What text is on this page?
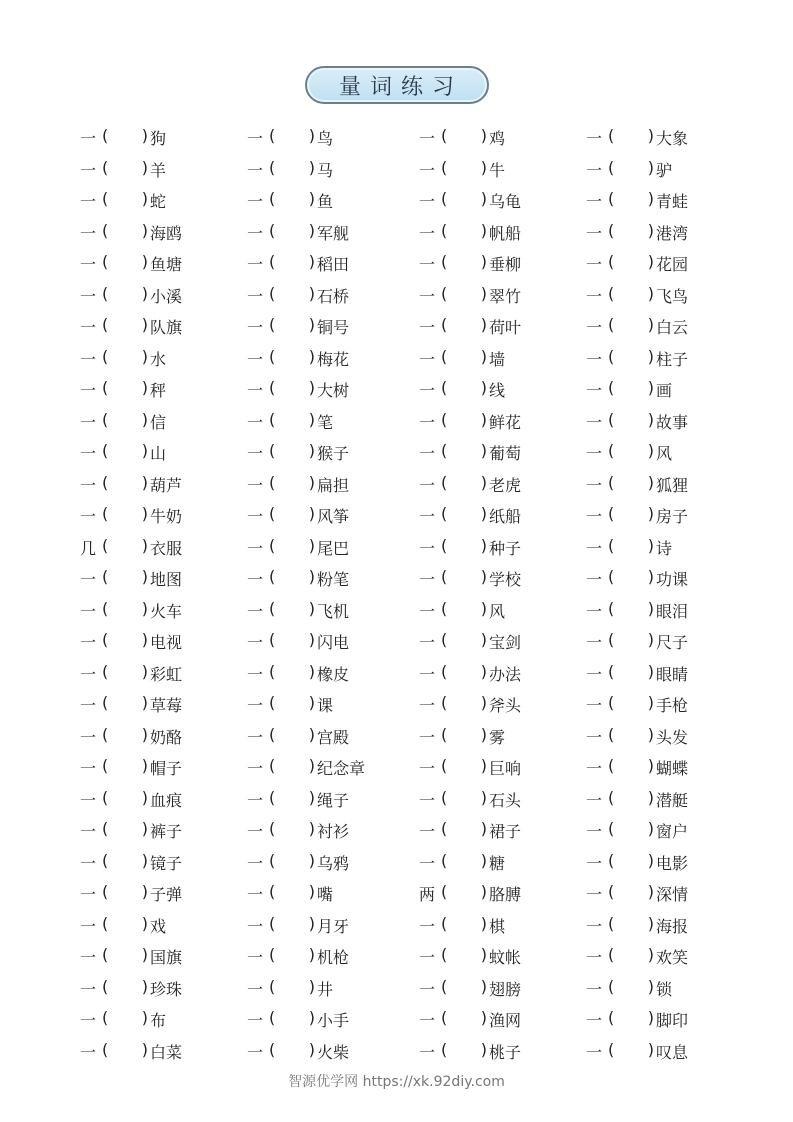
量词练习
一 ( ) 狗	一 ( ) 鸟	一 ( ) 鸡	一 ( ) 大象
一 ( ) 羊	一 ( ) 马	一 ( ) 牛	一 ( ) 驴
一 ( ) 蛇	一 ( ) 鱼	一 ( ) 乌龟	一 ( ) 青蛙
一 ( ) 海鸥	一 ( ) 军舰	一 ( ) 帆船	一 ( ) 港湾
一 ( ) 鱼塘	一 ( ) 稻田	一 ( ) 垂柳	一 ( ) 花园
一 ( ) 小溪	一 ( ) 石桥	一 ( ) 翠竹	一 ( ) 飞鸟
一 ( ) 队旗	一 ( ) 铜号	一 ( ) 荷叶	一 ( ) 白云
一 ( ) 水	一 ( ) 梅花	一 ( ) 墙	一 ( ) 柱子
一 ( ) 秤	一 ( ) 大树	一 ( ) 线	一 ( ) 画
一 ( ) 信	一 ( ) 笔	一 ( ) 鲜花	一 ( ) 故事
一 ( ) 山	一 ( ) 猴子	一 ( ) 葡萄	一 ( ) 风
一 ( ) 葫芦	一 ( ) 扁担	一 ( ) 老虎	一 ( ) 狐狸
一 ( ) 牛奶	一 ( ) 风筝	一 ( ) 纸船	一 ( ) 房子
几 ( ) 衣服	一 ( ) 尾巴	一 ( ) 种子	一 ( ) 诗
一 ( ) 地图	一 ( ) 粉笔	一 ( ) 学校	一 ( ) 功课
一 ( ) 火车	一 ( ) 飞机	一 ( ) 风	一 ( ) 眼泪
一 ( ) 电视	一 ( ) 闪电	一 ( ) 宝剑	一 ( ) 尺子
一 ( ) 彩虹	一 ( ) 橡皮	一 ( ) 办法	一 ( ) 眼睛
一 ( ) 草莓	一 ( ) 课	一 ( ) 斧头	一 ( ) 手枪
一 ( ) 奶酪	一 ( ) 宫殿	一 ( ) 雾	一 ( ) 头发
一 ( ) 帽子	一 ( ) 纪念章	一 ( ) 巨响	一 ( ) 蝴蝶
一 ( ) 血痕	一 ( ) 绳子	一 ( ) 石头	一 ( ) 潜艇
一 ( ) 裤子	一 ( ) 衬衫	一 ( ) 裙子	一 ( ) 窗户
一 ( ) 镜子	一 ( ) 乌鸦	一 ( ) 糖	一 ( ) 电影
一 ( ) 子弹	一 ( ) 嘴	两 ( ) 胳膊	一 ( ) 深情
一 ( ) 戏	一 ( ) 月牙	一 ( ) 棋	一 ( ) 海报
一 ( ) 国旗	一 ( ) 机枪	一 ( ) 蚊帐	一 ( ) 欢笑
一 ( ) 珍珠	一 ( ) 井	一 ( ) 翅膀	一 ( ) 锁
一 ( ) 布	一 ( ) 小手	一 ( ) 渔网	一 ( ) 脚印
一 ( ) 白菜	一 ( ) 火柴	一 ( ) 桃子	一 ( ) 叹息
智源优学网 https://xk.92diy.com
